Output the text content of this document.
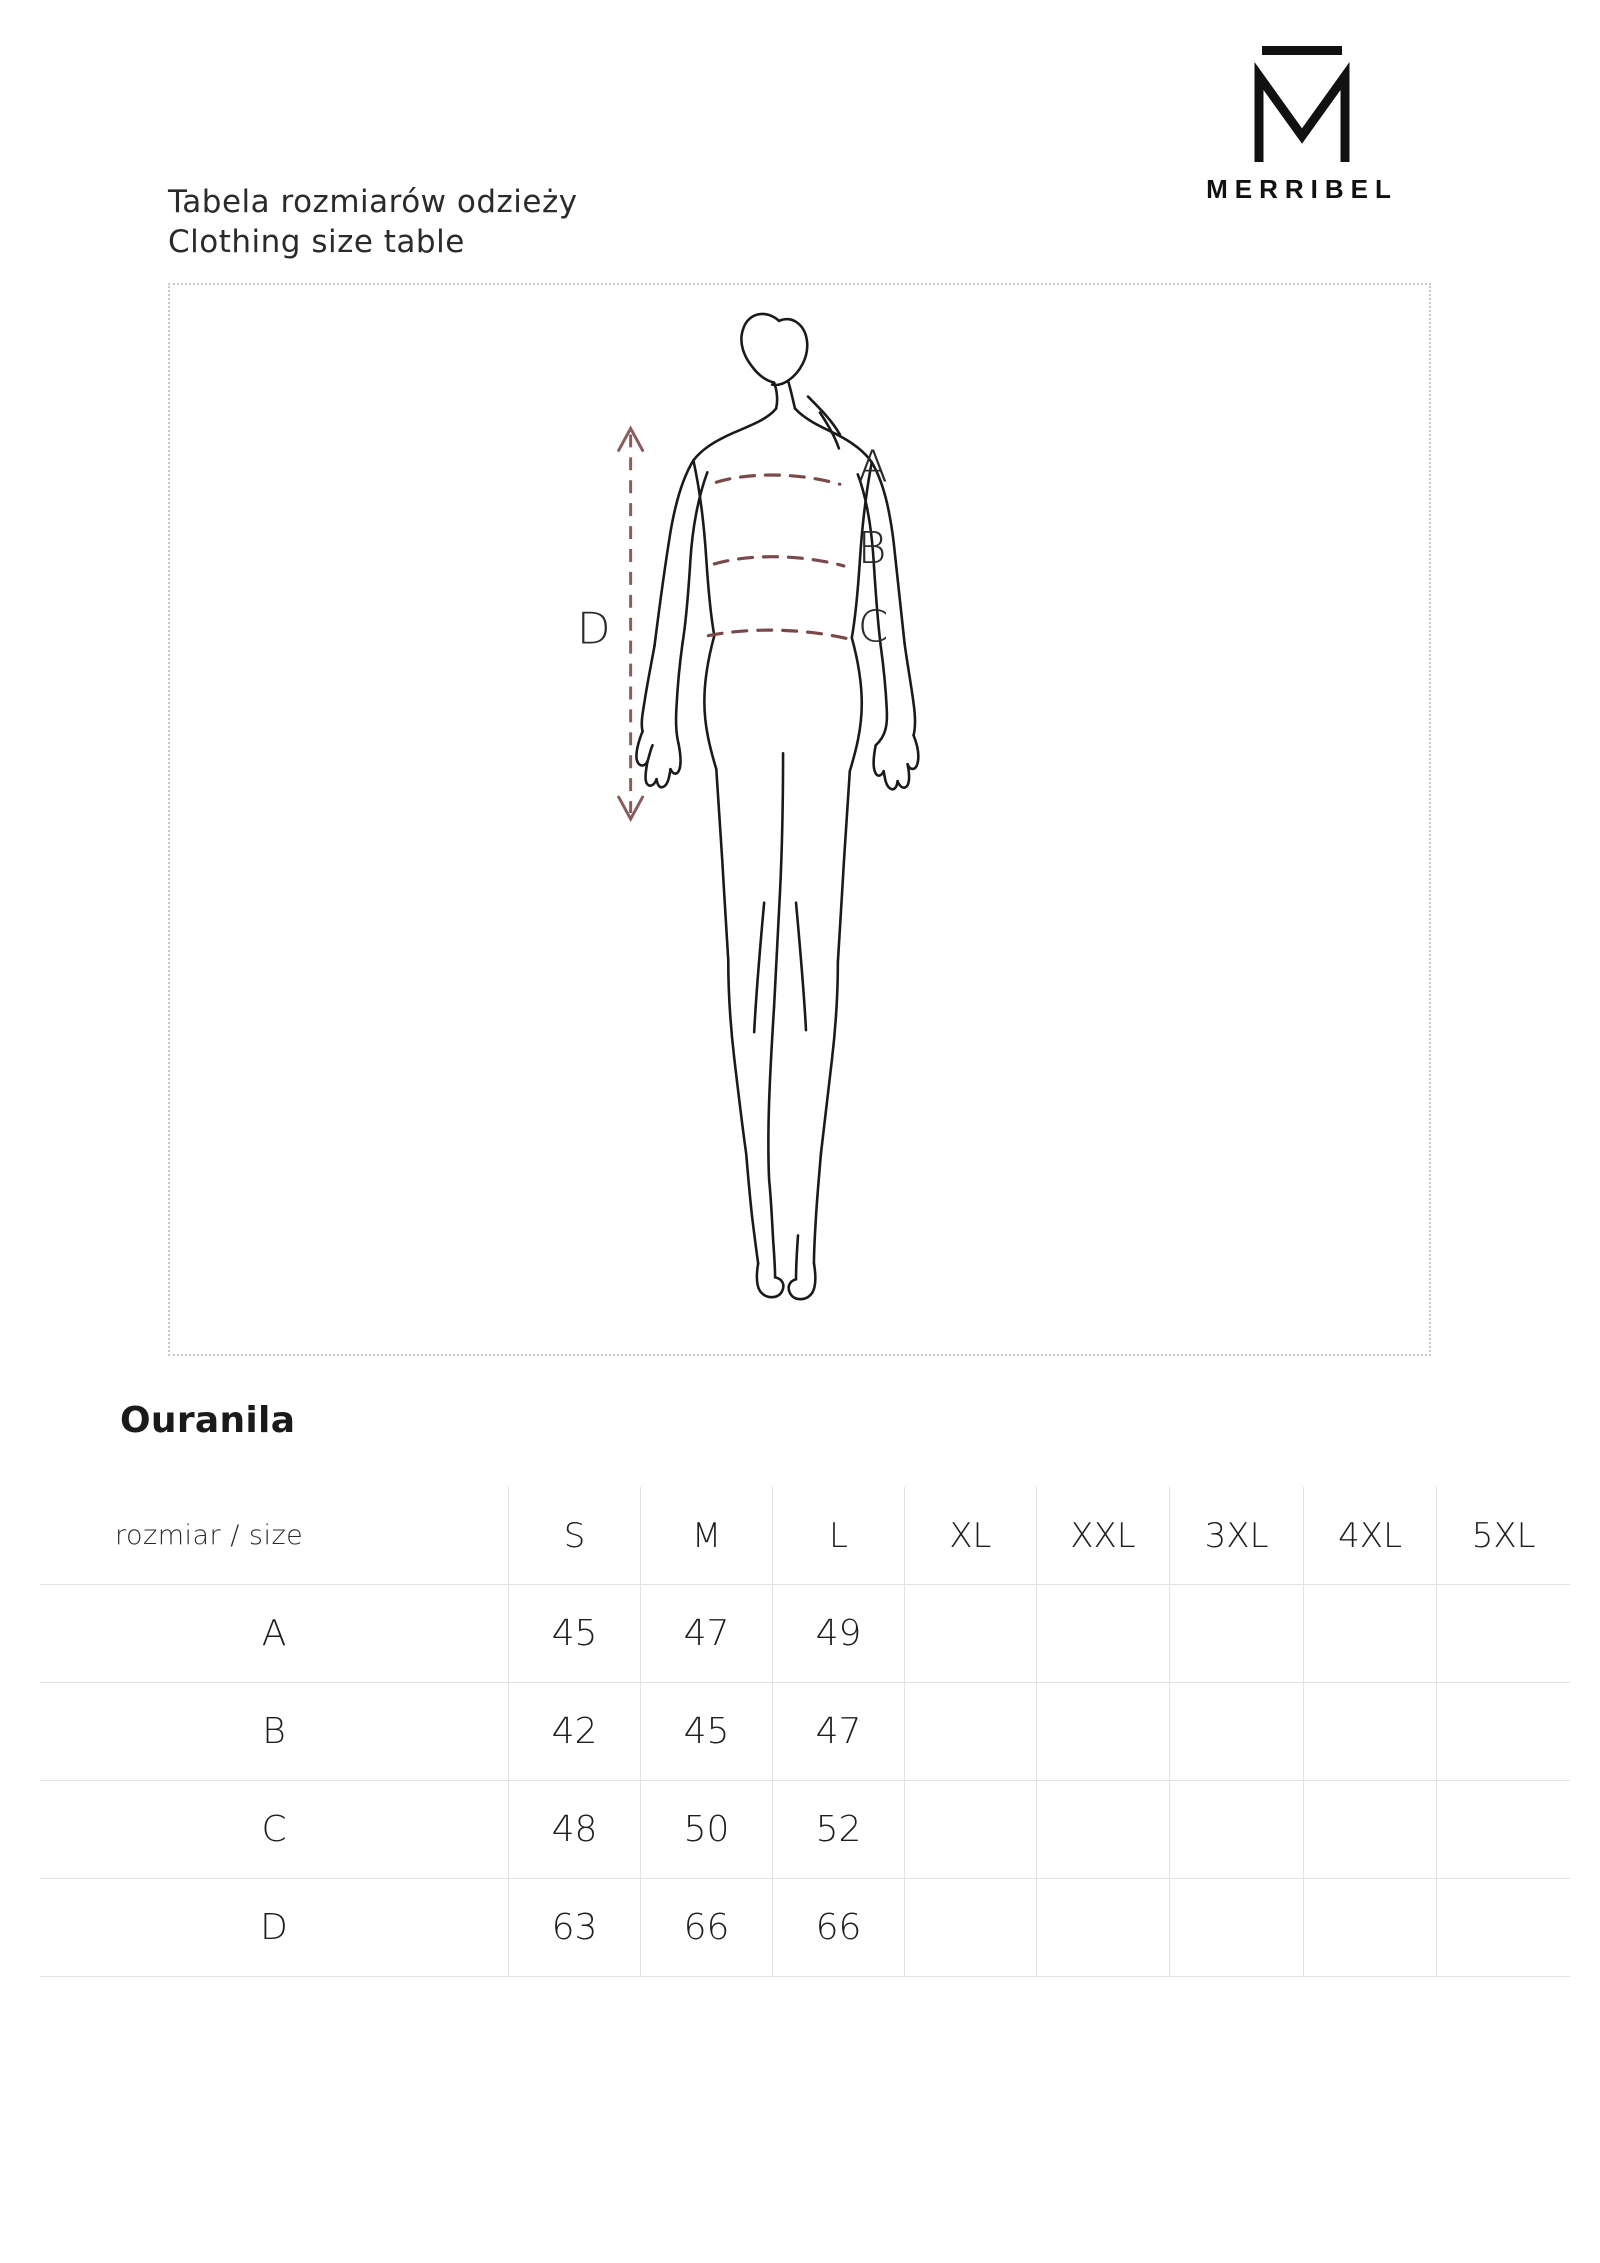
Tabela rozmiarów odzieży
Clothing size table
MERRIBEL
A
B
C
D
Ouranila
rozmiar / size	S	M	L	XL	XXL	3XL	4XL	5XL
A	45	47	49					
B	42	45	47					
C	48	50	52					
D	63	66	66					
